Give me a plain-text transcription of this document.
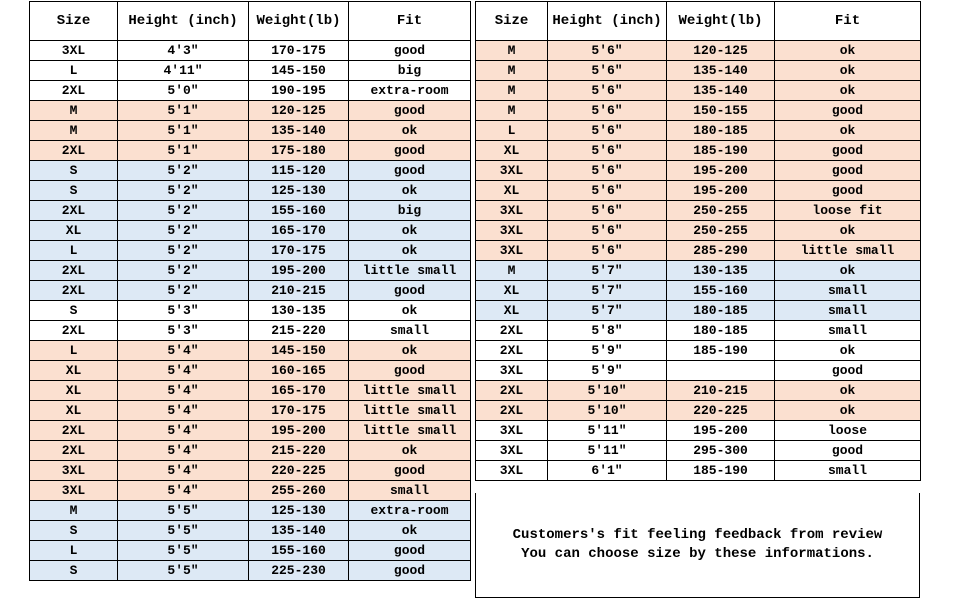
Size	Height (inch)	Weight(lb)	Fit
3XL	4'3"	170-175	good
L	4'11"	145-150	big
2XL	5'0"	190-195	extra-room
M	5'1"	120-125	good
M	5'1"	135-140	ok
2XL	5'1"	175-180	good
S	5'2"	115-120	good
S	5'2"	125-130	ok
2XL	5'2"	155-160	big
XL	5'2"	165-170	ok
L	5'2"	170-175	ok
2XL	5'2"	195-200	little small
2XL	5'2"	210-215	good
S	5'3"	130-135	ok
2XL	5'3"	215-220	small
L	5'4"	145-150	ok
XL	5'4"	160-165	good
XL	5'4"	165-170	little small
XL	5'4"	170-175	little small
2XL	5'4"	195-200	little small
2XL	5'4"	215-220	ok
3XL	5'4"	220-225	good
3XL	5'4"	255-260	small
M	5'5"	125-130	extra-room
S	5'5"	135-140	ok
L	5'5"	155-160	good
S	5'5"	225-230	good
Size	Height (inch)	Weight(lb)	Fit
M	5'6"	120-125	ok
M	5'6"	135-140	ok
M	5'6"	135-140	ok
M	5'6"	150-155	good
L	5'6"	180-185	ok
XL	5'6"	185-190	good
3XL	5'6"	195-200	good
XL	5'6"	195-200	good
3XL	5'6"	250-255	loose fit
3XL	5'6"	250-255	ok
3XL	5'6"	285-290	little small
M	5'7"	130-135	ok
XL	5'7"	155-160	small
XL	5'7"	180-185	small
2XL	5'8"	180-185	small
2XL	5'9"	185-190	ok
3XL	5'9"		good
2XL	5'10"	210-215	ok
2XL	5'10"	220-225	ok
3XL	5'11"	195-200	loose
3XL	5'11"	295-300	good
3XL	6'1"	185-190	small
Customers's fit feeling feedback from review
You can choose size by these informations.
